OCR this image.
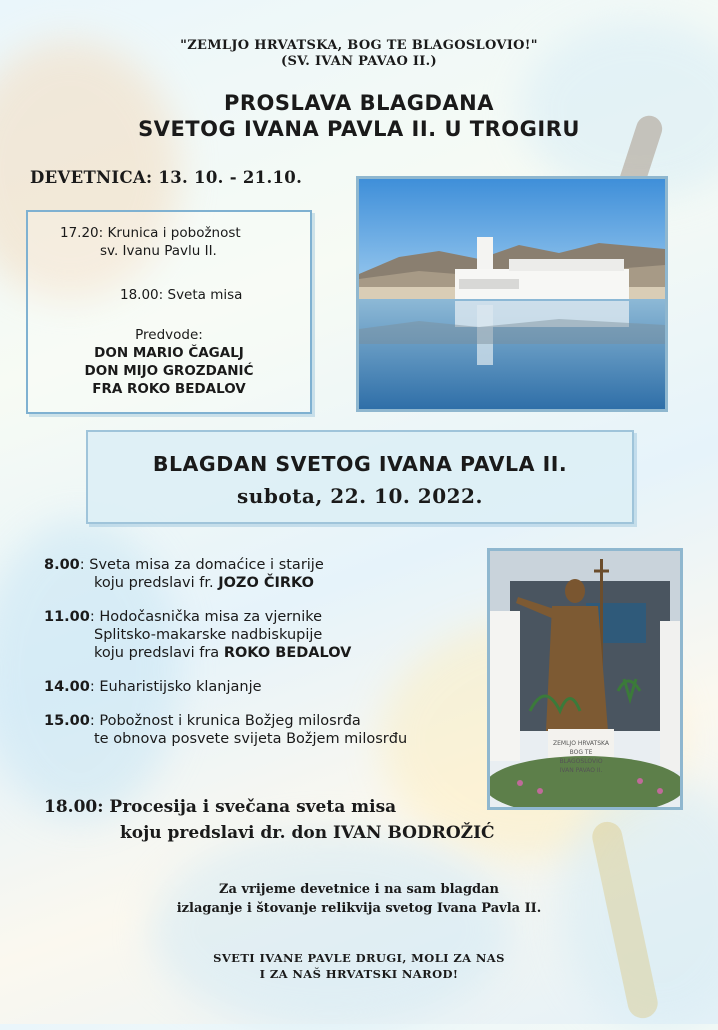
"ZEMLJO HRVATSKA, BOG TE BLAGOSLOVIO!"
(SV. IVAN PAVAO II.)
PROSLAVA BLAGDANA
SVETOG IVANA PAVLA II. U TROGIRU
DEVETNICA: 13. 10. - 21.10.

17.20: Krunica i pobožnost

sv. Ivanu Pavlu II.

18.00: Sveta misa

Predvode:
DON MARIO ČAGALJ
DON MIJO GROZDANIĆ
FRA ROKO BEDALOV
BLAGDAN SVETOG IVANA PAVLA II.
subota, 22. 10. 2022.
8.00: Sveta misa za domaćice i starije
koju predslavi fr. JOZO ČIRKO
11.00: Hodočasnička misa za vjernike
Splitsko-makarske nadbiskupije
koju predslavi fra ROKO BEDALOV
14.00: Euharistijsko klanjanje
15.00: Pobožnost i krunica Božjeg milosrđa
te obnova posvete svijeta Božjem milosrđu	ZEMLJO HRVATSKA
BOG TE BLAGOSLOVIO
IVAN PAVAO II.
18.00: Procesija i svečana sveta misa
koju predslavi dr. don IVAN BODROŽIĆ
Za vrijeme devetnice i na sam blagdan
izlaganje i štovanje relikvija svetog Ivana Pavla II.
SVETI IVANE PAVLE DRUGI, MOLI ZA NAS
I ZA NAŠ HRVATSKI NAROD!
